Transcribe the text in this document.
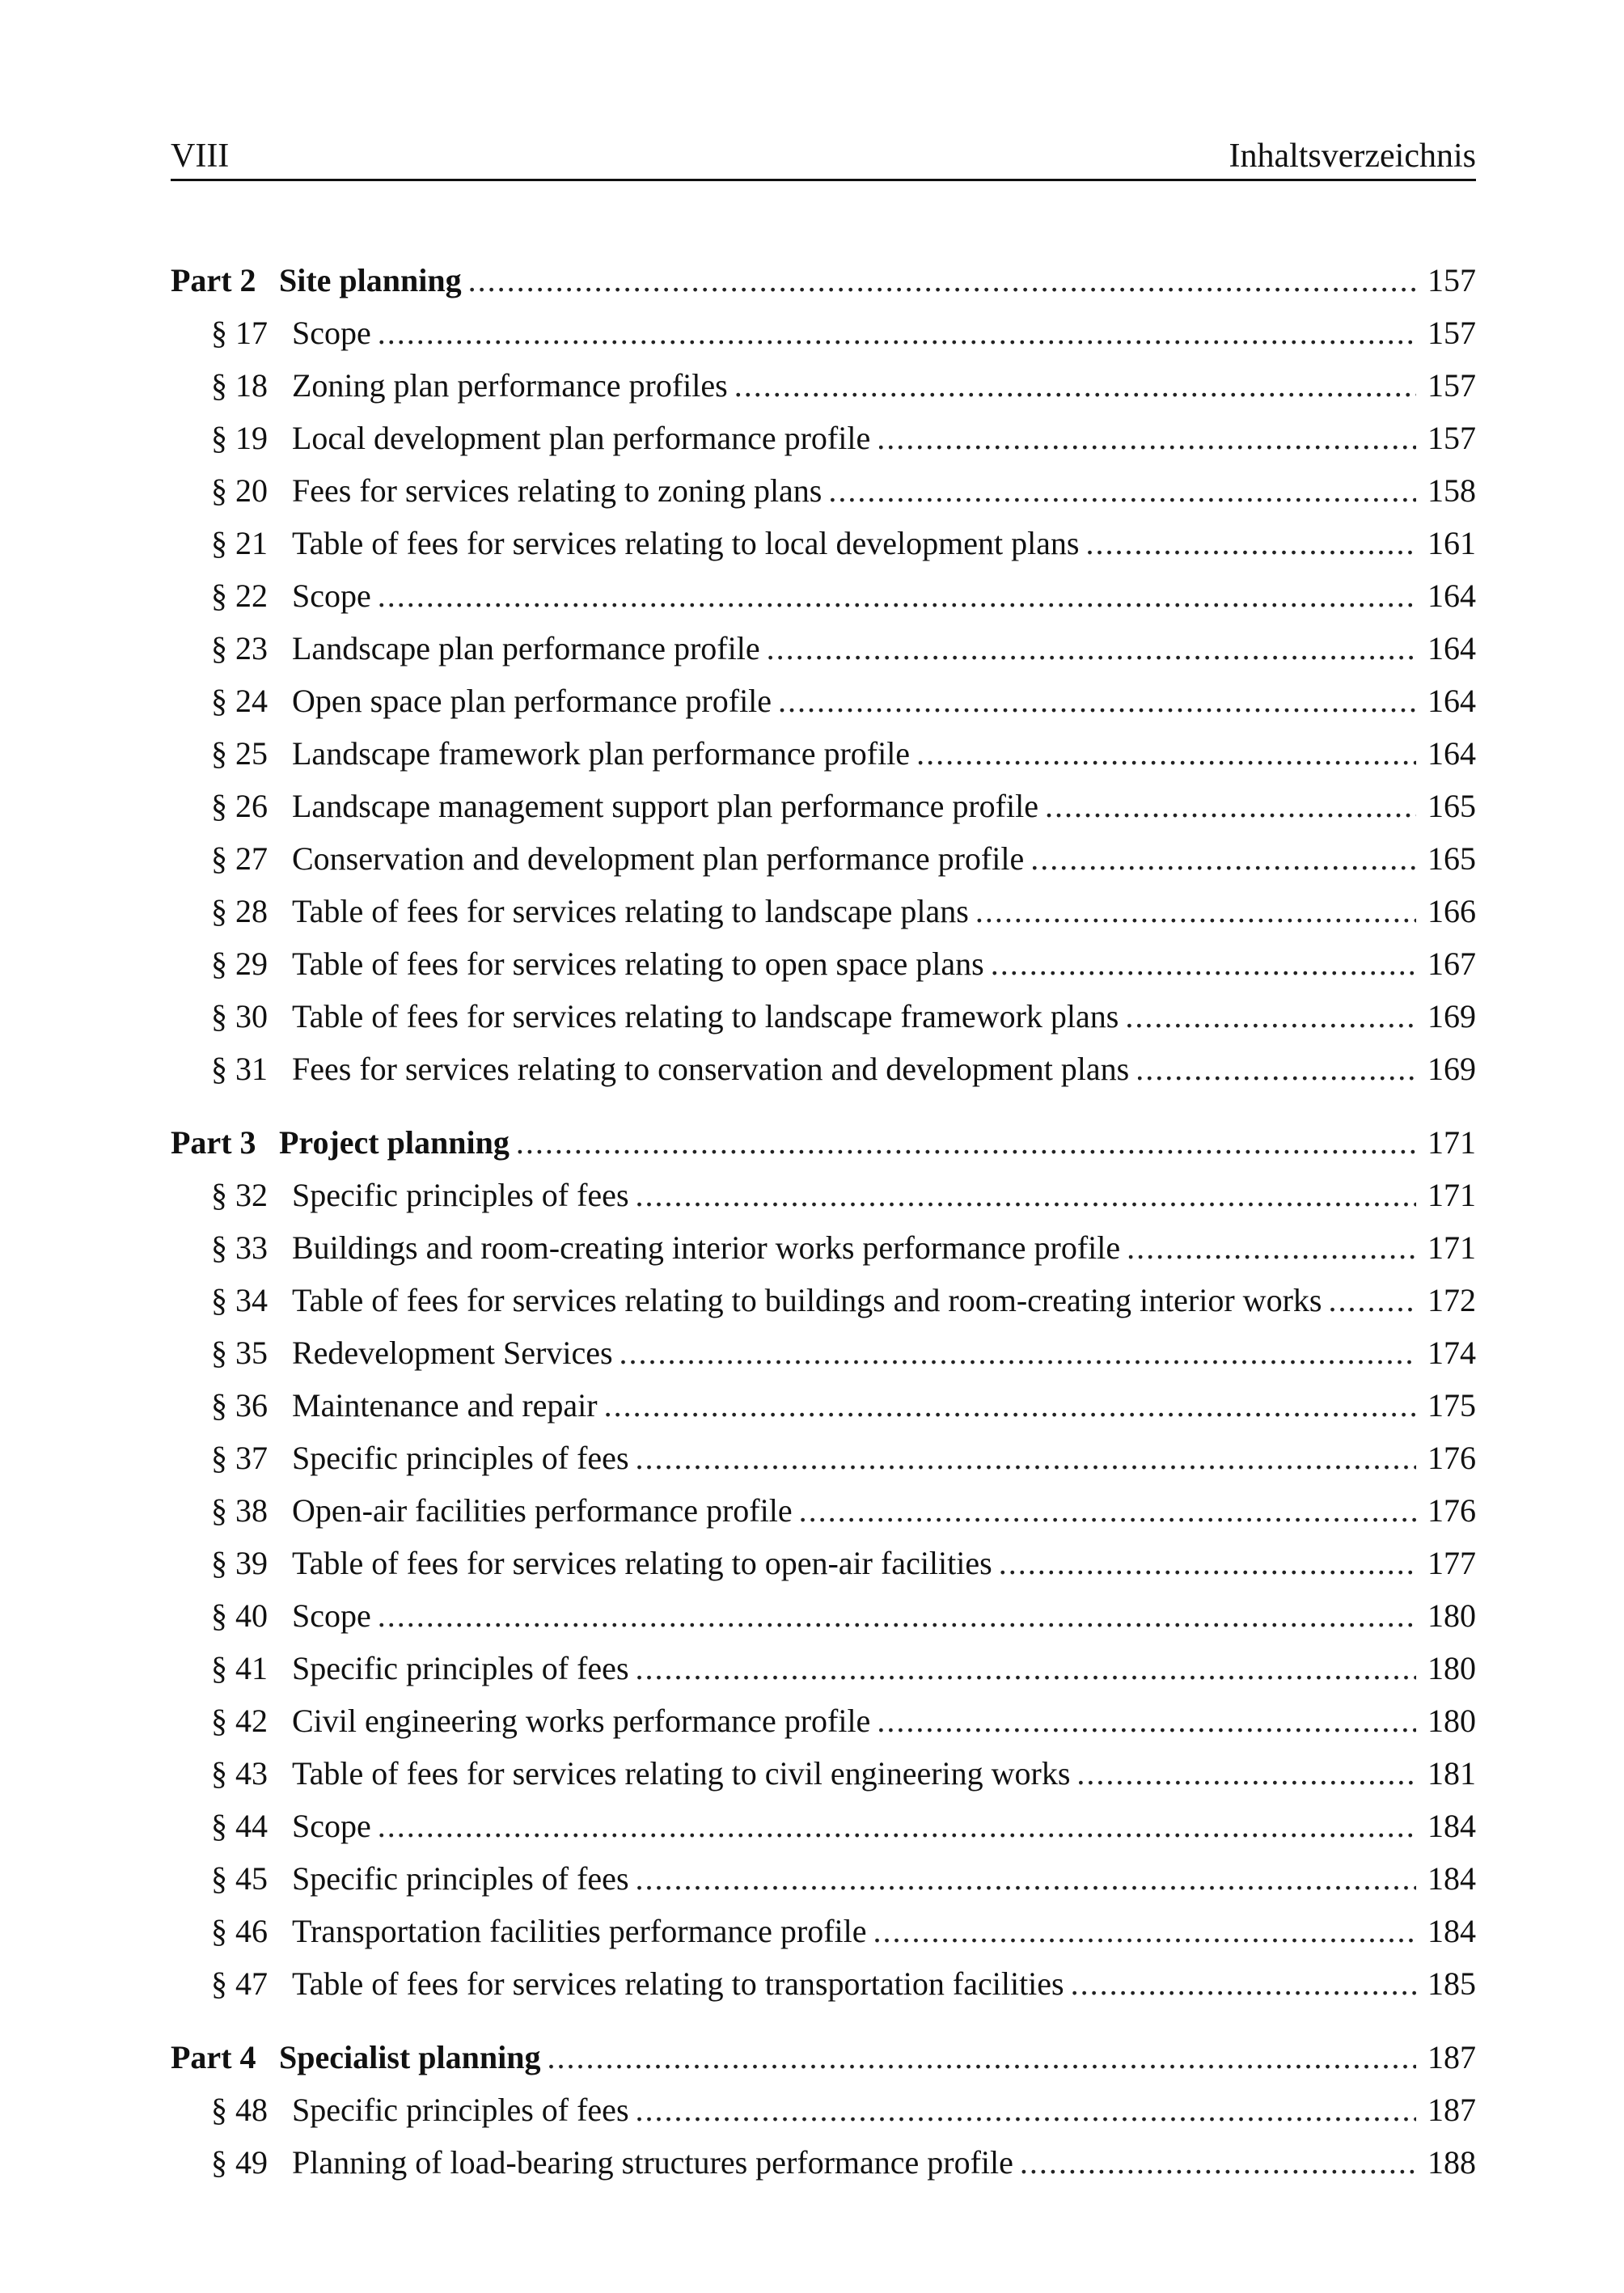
VIII	Inhaltsverzeichnis
Part 2 Site planning .....	157
§ 17 Scope .....	157
§ 18 Zoning plan performance profiles .....	157
§ 19 Local development plan performance profile .....	157
§ 20 Fees for services relating to zoning plans .....	158
§ 21 Table of fees for services relating to local development plans .....	161
§ 22 Scope .....	164
§ 23 Landscape plan performance profile .....	164
§ 24 Open space plan performance profile .....	164
§ 25 Landscape framework plan performance profile .....	164
§ 26 Landscape management support plan performance profile .....	165
§ 27 Conservation and development plan performance profile .....	165
§ 28 Table of fees for services relating to landscape plans .....	166
§ 29 Table of fees for services relating to open space plans .....	167
§ 30 Table of fees for services relating to landscape framework plans .....	169
§ 31 Fees for services relating to conservation and development plans .....	169
Part 3 Project planning .....	171
§ 32 Specific principles of fees .....	171
§ 33 Buildings and room-creating interior works performance profile .....	171
§ 34 Table of fees for services relating to buildings and room-creating interior works .....	172
§ 35 Redevelopment Services .....	174
§ 36 Maintenance and repair .....	175
§ 37 Specific principles of fees .....	176
§ 38 Open-air facilities performance profile .....	176
§ 39 Table of fees for services relating to open-air facilities .....	177
§ 40 Scope .....	180
§ 41 Specific principles of fees .....	180
§ 42 Civil engineering works performance profile .....	180
§ 43 Table of fees for services relating to civil engineering works .....	181
§ 44 Scope .....	184
§ 45 Specific principles of fees .....	184
§ 46 Transportation facilities performance profile .....	184
§ 47 Table of fees for services relating to transportation facilities .....	185
Part 4 Specialist planning .....	187
§ 48 Specific principles of fees .....	187
§ 49 Planning of load-bearing structures performance profile .....	188
